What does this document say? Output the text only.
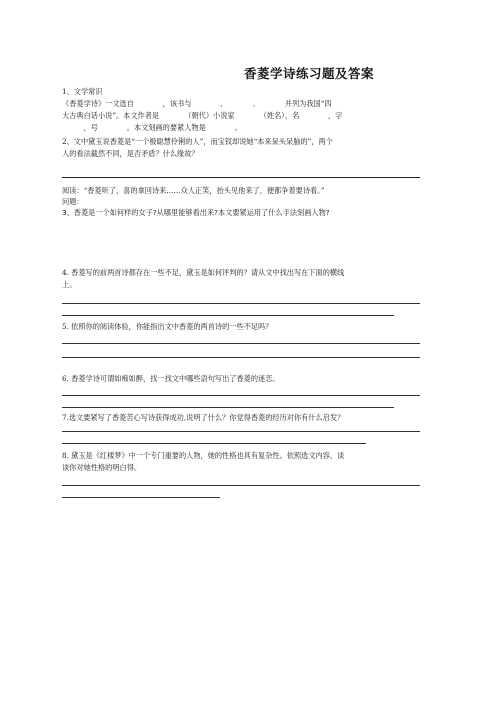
香菱学诗练习题及答案
1、文学常识
《香菱学诗》一文选自　　　　，该书与　　　　、　　　　、　　　　并列为我国“四
大古典白话小说”。本文作者是　　　　（朝代）小说家　　　　（姓名），名　　　　，字
　　　，号　　　　。本文刻画的要紧人物是　　　　。
2、文中黛玉说香菱是“一个极聪慧伶俐的人”，而宝钗却说她“本来呆头呆脑的”，两个
人的看法截然不同，是否矛盾？什么缘故？
阅读：“香菱听了，喜的拿回诗来……众人正笑，抬头见他来了，便都争着要诗看。”
问题：
3、香菱是一个如何样的女子?从哪里能够看出来?本文要紧运用了什么手法刻画人物?
4. 香菱写的前两首诗都存在一些不足，黛玉是如何评判的？请从文中找出写在下面的横线
上。
5. 依照你的阅读体验，你能指出文中香菱的两首诗的一些不足吗？
6. 香菱学诗可谓如痴如醉，找一找文中哪些语句写出了香菱的迷恋。
7.选文要紧写了香菱苦心写诗获得成功,说明了什么？你觉得香菱的经历对你有什么启发？
8. 黛玉是《红楼梦》中一个专门重要的人物，她的性格也具有复杂性。依照选文内容，谈
谈你对她性格的明白得。
